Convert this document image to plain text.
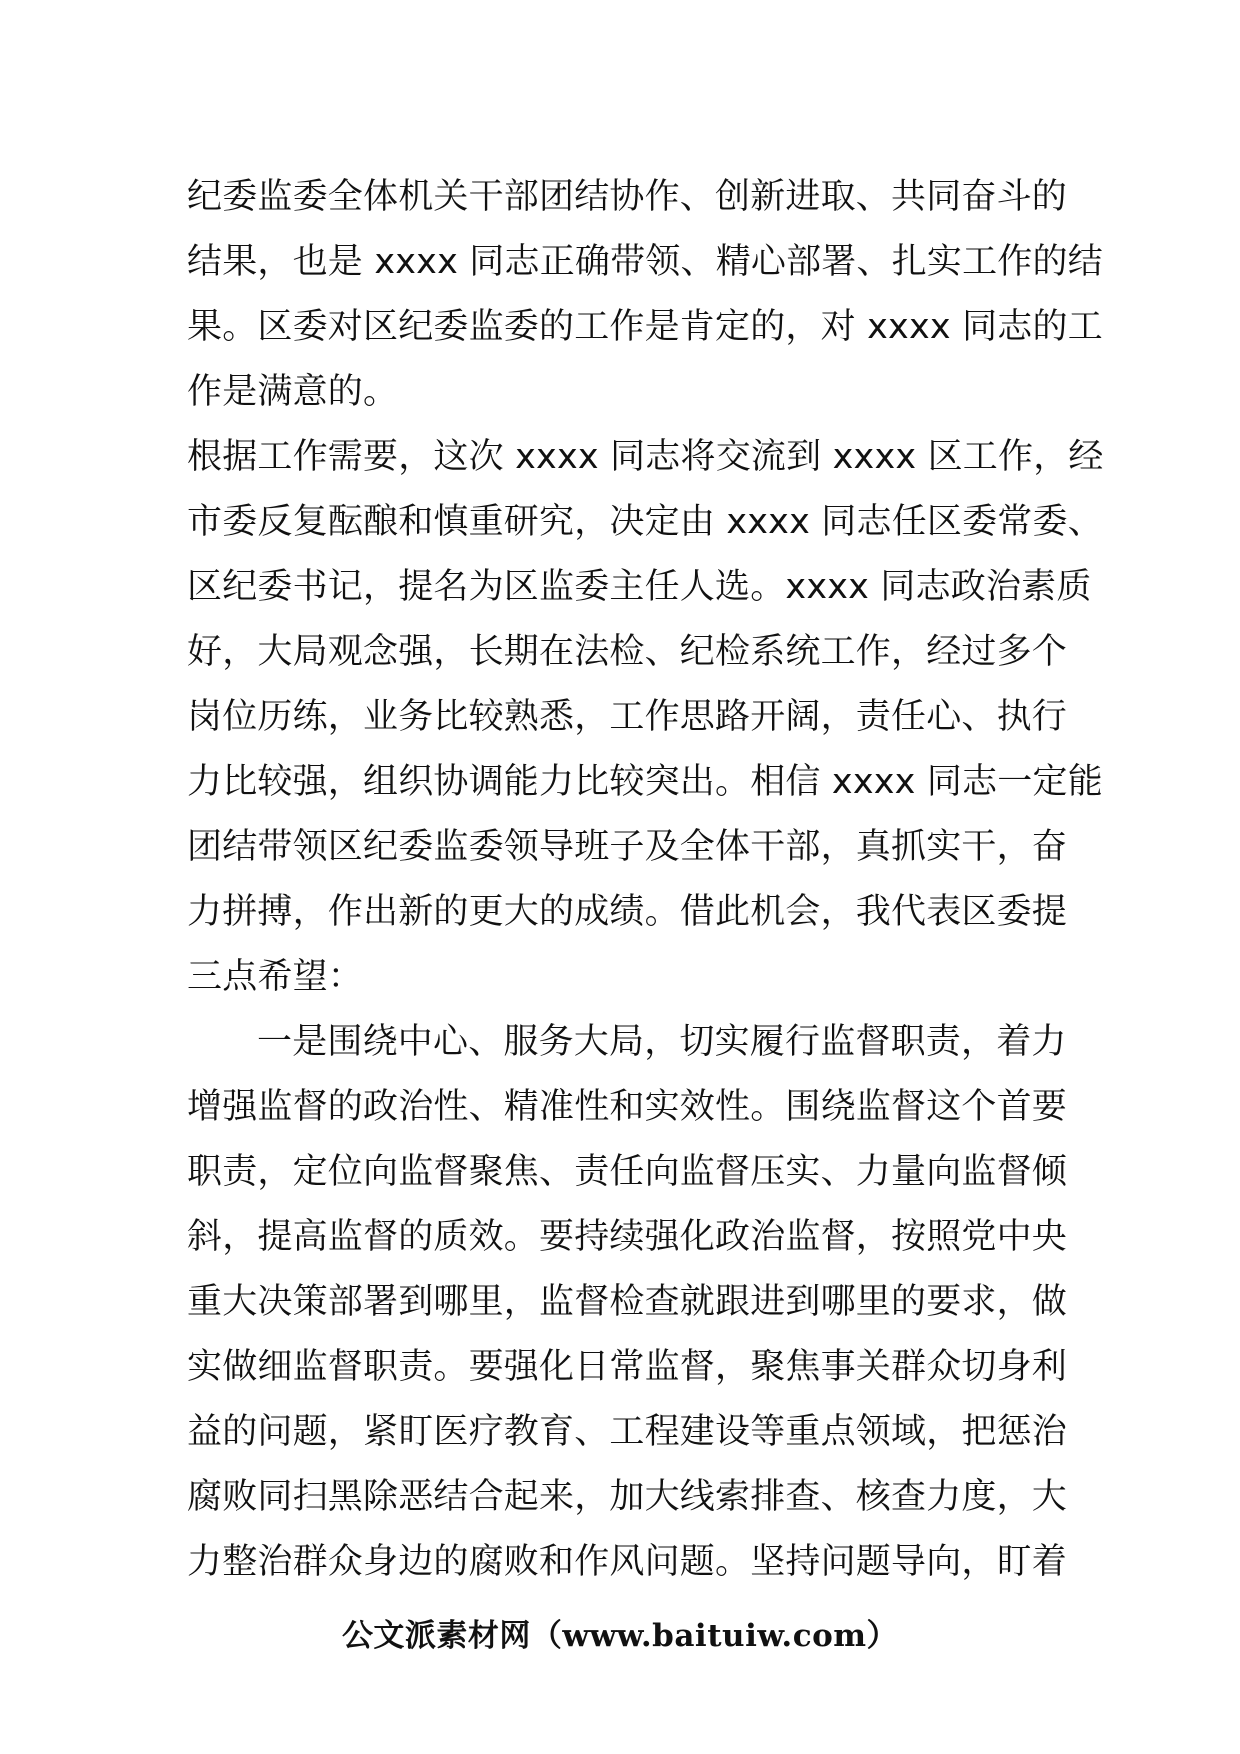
纪委监委全体机关干部团结协作、创新进取、共同奋斗的
结果，也是 xxxx 同志正确带领、精心部署、扎实工作的结
果。区委对区纪委监委的工作是肯定的，对 xxxx 同志的工
作是满意的。
根据工作需要，这次 xxxx 同志将交流到 xxxx 区工作，经
市委反复酝酿和慎重研究，决定由 xxxx 同志任区委常委、
区纪委书记，提名为区监委主任人选。xxxx 同志政治素质
好，大局观念强，长期在法检、纪检系统工作，经过多个
岗位历练，业务比较熟悉，工作思路开阔，责任心、执行
力比较强，组织协调能力比较突出。相信 xxxx 同志一定能
团结带领区纪委监委领导班子及全体干部，真抓实干，奋
力拼搏，作出新的更大的成绩。借此机会，我代表区委提
三点希望：
一是围绕中心、服务大局，切实履行监督职责，着力
增强监督的政治性、精准性和实效性。围绕监督这个首要
职责，定位向监督聚焦、责任向监督压实、力量向监督倾
斜，提高监督的质效。要持续强化政治监督，按照党中央
重大决策部署到哪里，监督检查就跟进到哪里的要求，做
实做细监督职责。要强化日常监督，聚焦事关群众切身利
益的问题，紧盯医疗教育、工程建设等重点领域，把惩治
腐败同扫黑除恶结合起来，加大线索排查、核查力度，大
力整治群众身边的腐败和作风问题。坚持问题导向，盯着
公文派素材网（www.baituiw.com）
